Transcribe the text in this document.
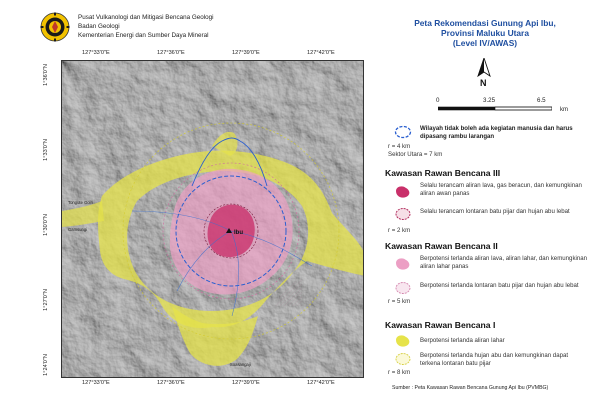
Pusat Vulkanologi dan Mitigasi Bencana Geologi
Badan Geologi
Kementerian Energi dan Sumber Daya Mineral
127°33'0"E	127°36'0"E	127°39'0"E	127°42'0"E
127°33'0"E	127°36'0"E	127°39'0"E	127°42'0"E
1°36'0"N
1°33'0"N
1°30'0"N
1°27'0"N
1°24'0"N
Ibu
Tongute Goin
Gamsungi
Soasangaji
Peta Rekomendasi Gunung Api Ibu,
Provinsi Maluku Utara
(Level IV/AWAS)
N
0	3.25	6.5
km
Wilayah tidak boleh ada kegiatan manusia dan harus dipasang rambu larangan
r = 4 km
Sektor Utara = 7 km
Kawasan Rawan Bencana III
Selalu terancam aliran lava, gas beracun, dan kemungkinan aliran awan panas
Selalu terancam lontaran batu pijar dan hujan abu lebat
r = 2 km
Kawasan Rawan Bencana II
Berpotensi terlanda aliran lava, aliran lahar, dan kemungkinan aliran lahar panas
Berpotensi terlanda lontaran batu pijar dan hujan abu lebat
r = 5 km
Kawasan Rawan Bencana I
Berpotensi terlanda aliran lahar
Berpotensi terlanda hujan abu dan kemungkinan dapat terkena lontaran batu pijar
r = 8 km
Sumber : Peta Kawasan Rawan Bencana Gunung Api Ibu (PVMBG)
